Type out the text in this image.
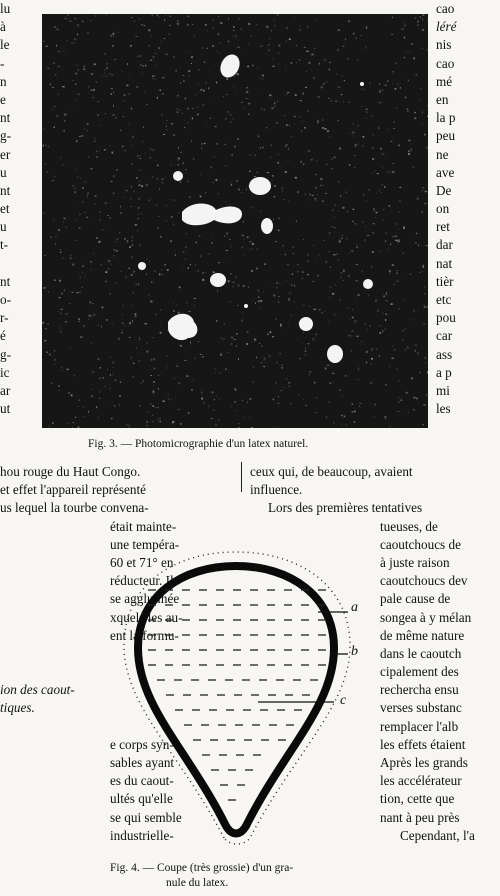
lu
à
le
-
n
e
nt
g-
er
u
nt
et
u
t-
nt
o-
r-
é
g-
ic
ar
ut
cao
léré
nis
cao
mé
en
la p
peu
ne
ave
De
on
ret
dar
nat
tièr
etc
pou
car
ass
a p
mi
les
Fig. 3. — Photomicrographie d'un latex naturel.
hou rouge du Haut Congo.
et effet l'appareil représenté
us lequel la tourbe convena-
était mainte-
une tempéra-
60 et 71° en
réducteur. Il
se agglutinée
xquels les au-
ent la formu-
ion des caout-
tiques.
e corps syn-
sables ayant
es du caout-
ultés qu'elle
se qui semble
industrielle-
ceux qui, de beaucoup, avaient
influence.
Lors des premières tentatives
tueuses, de
caoutchoucs de
à juste raison
caoutchoucs dev
pale cause de
songea à y mélan
de même nature
dans le caoutch
cipalement des
recherchа ensu
verses substanc
remplacer l'alb
les effets étaient
Après les grands
les accélérateur
tion, cette que
nant à peu près
Cependant, l'a
a
b
c
Fig. 4. — Coupe (très grossie) d'un gra-
nule du latex.
